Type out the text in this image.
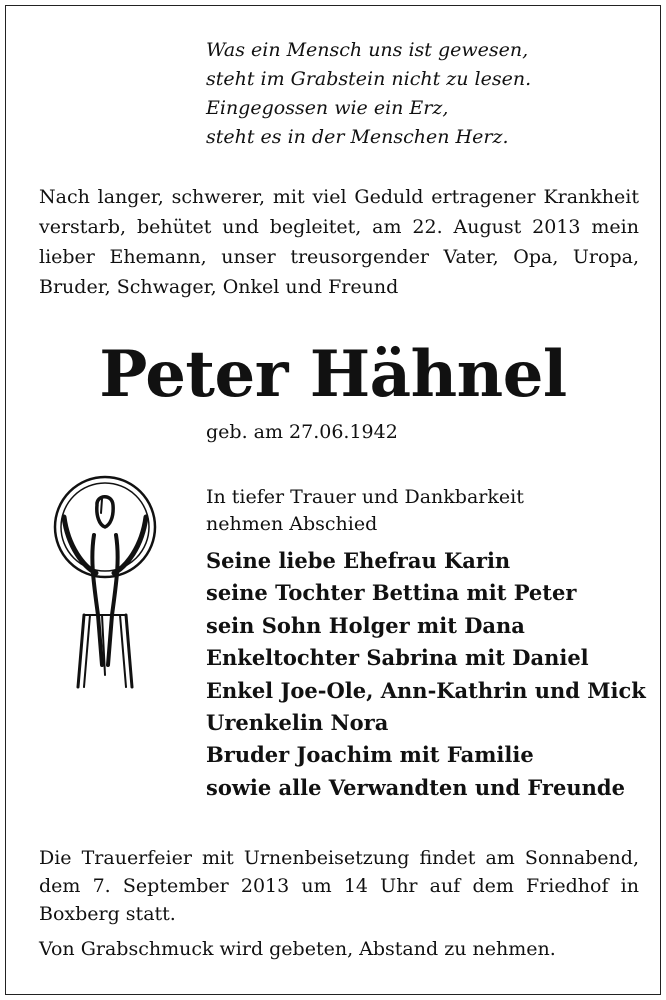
Was ein Mensch uns ist gewesen,
steht im Grabstein nicht zu lesen.
Eingegossen wie ein Erz,
steht es in der Menschen Herz.
Nach langer, schwerer, mit viel Geduld ertragener Krankheit
verstarb, behütet und begleitet, am 22. August 2013 mein
lieber Ehemann, unser treusorgender Vater, Opa, Uropa,
Bruder, Schwager, Onkel und Freund
Peter Hähnel
geb. am 27.06.1942
In tiefer Trauer und Dankbarkeit
nehmen Abschied
Seine liebe Ehefrau Karin
seine Tochter Bettina mit Peter
sein Sohn Holger mit Dana
Enkeltochter Sabrina mit Daniel
Enkel Joe-Ole, Ann-Kathrin und Mick
Urenkelin Nora
Bruder Joachim mit Familie
sowie alle Verwandten und Freunde
Die Trauerfeier mit Urnenbeisetzung findet am Sonnabend,
dem 7. September 2013 um 14 Uhr auf dem Friedhof in
Boxberg statt.
Von Grabschmuck wird gebeten, Abstand zu nehmen.
